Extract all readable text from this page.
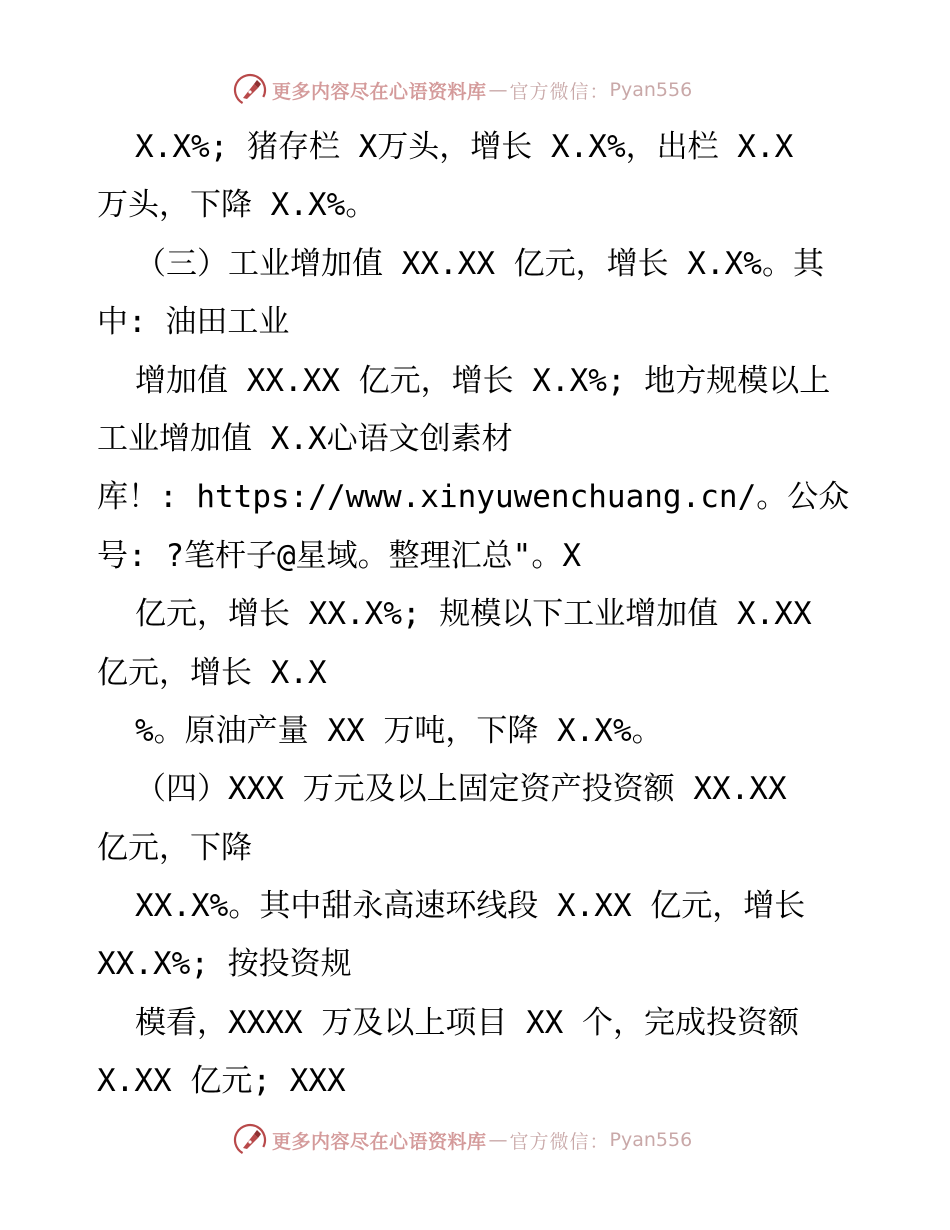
更多内容尽在心语资料库 — 官方微信： Pyan556
X.X%; 猪存栏 X万头，增长 X.X%，出栏 X.X
万头，下降 X.X%。
（三）工业增加值 XX.XX 亿元，增长 X.X%。其
中: 油田工业
增加值 XX.XX 亿元，增长 X.X%; 地方规模以上
工业增加值 X.X心语文创素材
库！: https://www.xinyuwenchuang.cn/。公众
号: ?笔杆子@星域。整理汇总"。X
亿元，增长 XX.X%; 规模以下工业增加值 X.XX
亿元，增长 X.X
%。原油产量 XX 万吨，下降 X.X%。
（四）XXX 万元及以上固定资产投资额 XX.XX
亿元，下降
XX.X%。其中甜永高速环线段 X.XX 亿元，增长
XX.X%; 按投资规
模看，XXXX 万及以上项目 XX 个，完成投资额
X.XX 亿元; XXX
更多内容尽在心语资料库 — 官方微信： Pyan556
